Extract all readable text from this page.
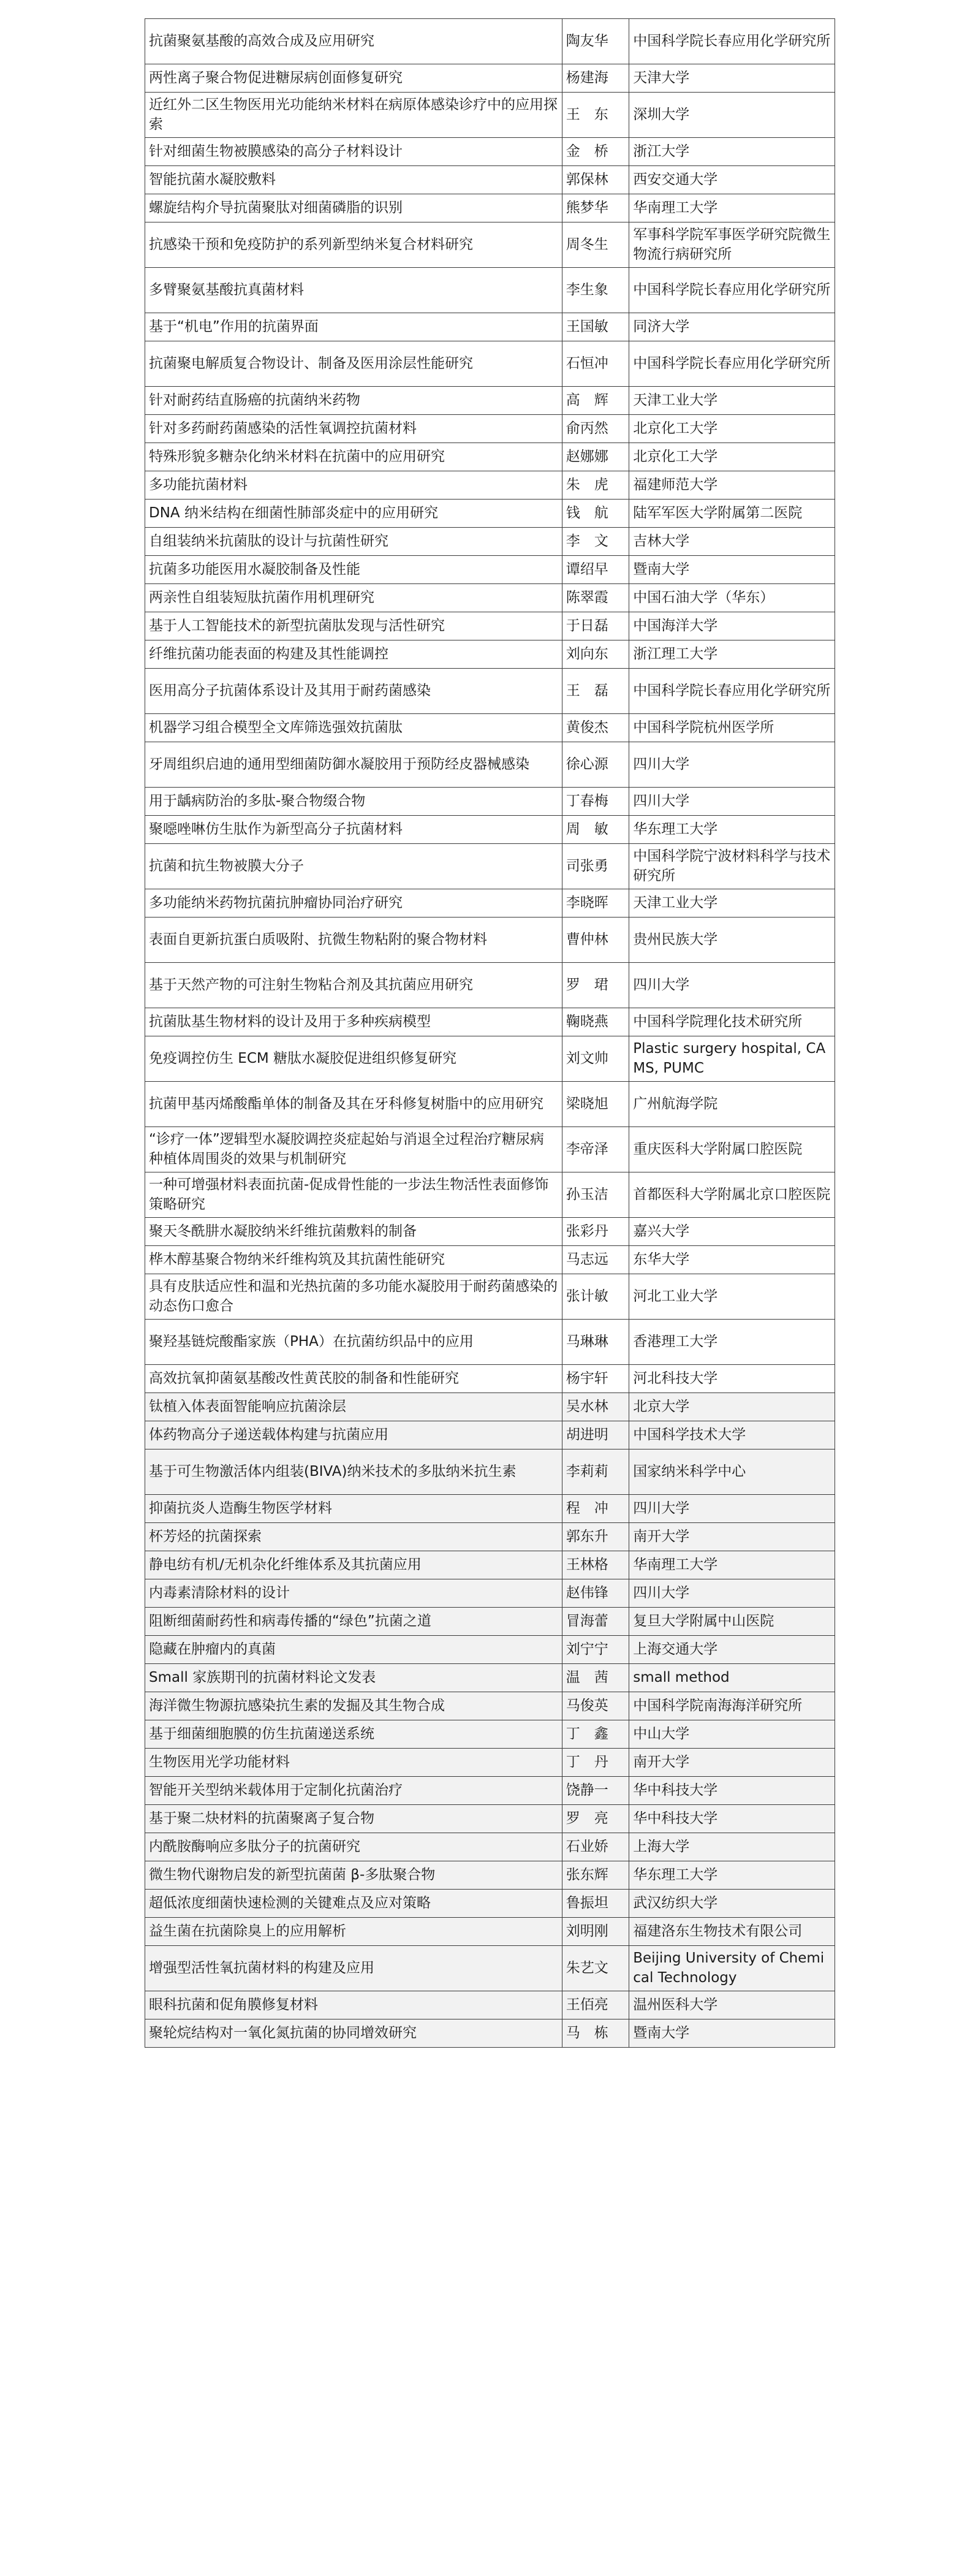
抗菌聚氨基酸的高效合成及应用研究	陶友华	中国科学院长春应用化学研究所
两性离子聚合物促进糖尿病创面修复研究	杨建海	天津大学
近红外二区生物医用光功能纳米材料在病原体感染诊疗中的应用探索	王　东	深圳大学
针对细菌生物被膜感染的高分子材料设计	金　桥	浙江大学
智能抗菌水凝胶敷料	郭保林	西安交通大学
螺旋结构介导抗菌聚肽对细菌磷脂的识别	熊梦华	华南理工大学
抗感染干预和免疫防护的系列新型纳米复合材料研究	周冬生	军事科学院军事医学研究院微生物流行病研究所
多臂聚氨基酸抗真菌材料	李生象	中国科学院长春应用化学研究所
基于“机电”作用的抗菌界面	王国敏	同济大学
抗菌聚电解质复合物设计、制备及医用涂层性能研究	石恒冲	中国科学院长春应用化学研究所
针对耐药结直肠癌的抗菌纳米药物	高　辉	天津工业大学
针对多药耐药菌感染的活性氧调控抗菌材料	俞丙然	北京化工大学
特殊形貌多糖杂化纳米材料在抗菌中的应用研究	赵娜娜	北京化工大学
多功能抗菌材料	朱　虎	福建师范大学
DNA 纳米结构在细菌性肺部炎症中的应用研究	钱　航	陆军军医大学附属第二医院
自组装纳米抗菌肽的设计与抗菌性研究	李　文	吉林大学
抗菌多功能医用水凝胶制备及性能	谭绍早	暨南大学
两亲性自组装短肽抗菌作用机理研究	陈翠霞	中国石油大学（华东）
基于人工智能技术的新型抗菌肽发现与活性研究	于日磊	中国海洋大学
纤维抗菌功能表面的构建及其性能调控	刘向东	浙江理工大学
医用高分子抗菌体系设计及其用于耐药菌感染	王　磊	中国科学院长春应用化学研究所
机器学习组合模型全文库筛选强效抗菌肽	黄俊杰	中国科学院杭州医学所
牙周组织启迪的通用型细菌防御水凝胶用于预防经皮器械感染	徐心源	四川大学
用于龋病防治的多肽-聚合物缀合物	丁春梅	四川大学
聚噁唑啉仿生肽作为新型高分子抗菌材料	周　敏	华东理工大学
抗菌和抗生物被膜大分子	司张勇	中国科学院宁波材料科学与技术研究所
多功能纳米药物抗菌抗肿瘤协同治疗研究	李晓晖	天津工业大学
表面自更新抗蛋白质吸附、抗微生物粘附的聚合物材料	曹仲林	贵州民族大学
基于天然产物的可注射生物粘合剂及其抗菌应用研究	罗　珺	四川大学
抗菌肽基生物材料的设计及用于多种疾病模型	鞠晓燕	中国科学院理化技术研究所
免疫调控仿生 ECM 糖肽水凝胶促进组织修复研究	刘文帅	Plastic surgery hospital, CAMS, PUMC
抗菌甲基丙烯酸酯单体的制备及其在牙科修复树脂中的应用研究	梁晓旭	广州航海学院
“诊疗一体”逻辑型水凝胶调控炎症起始与消退全过程治疗糖尿病种植体周围炎的效果与机制研究	李帝泽	重庆医科大学附属口腔医院
一种可增强材料表面抗菌-促成骨性能的一步法生物活性表面修饰策略研究	孙玉洁	首都医科大学附属北京口腔医院
聚天冬酰肼水凝胶纳米纤维抗菌敷料的制备	张彩丹	嘉兴大学
桦木醇基聚合物纳米纤维构筑及其抗菌性能研究	马志远	东华大学
具有皮肤适应性和温和光热抗菌的多功能水凝胶用于耐药菌感染的动态伤口愈合	张计敏	河北工业大学
聚羟基链烷酸酯家族（PHA）在抗菌纺织品中的应用	马琳琳	香港理工大学
高效抗氧抑菌氨基酸改性黄芪胶的制备和性能研究	杨宇轩	河北科技大学
钛植入体表面智能响应抗菌涂层	吴水林	北京大学
体药物高分子递送载体构建与抗菌应用	胡进明	中国科学技术大学
基于可生物激活体内组装(BIVA)纳米技术的多肽纳米抗生素	李莉莉	国家纳米科学中心
抑菌抗炎人造酶生物医学材料	程　冲	四川大学
杯芳烃的抗菌探索	郭东升	南开大学
静电纺有机/无机杂化纤维体系及其抗菌应用	王林格	华南理工大学
内毒素清除材料的设计	赵伟锋	四川大学
阻断细菌耐药性和病毒传播的“绿色”抗菌之道	冒海蕾	复旦大学附属中山医院
隐藏在肿瘤内的真菌	刘宁宁	上海交通大学
Small 家族期刊的抗菌材料论文发表	温　茜	small method
海洋微生物源抗感染抗生素的发掘及其生物合成	马俊英	中国科学院南海海洋研究所
基于细菌细胞膜的仿生抗菌递送系统	丁　鑫	中山大学
生物医用光学功能材料	丁　丹	南开大学
智能开关型纳米载体用于定制化抗菌治疗	饶静一	华中科技大学
基于聚二炔材料的抗菌聚离子复合物	罗　亮	华中科技大学
内酰胺酶响应多肽分子的抗菌研究	石业娇	上海大学
微生物代谢物启发的新型抗菌菌 β-多肽聚合物	张东辉	华东理工大学
超低浓度细菌快速检测的关键难点及应对策略	鲁振坦	武汉纺织大学
益生菌在抗菌除臭上的应用解析	刘明刚	福建洛东生物技术有限公司
增强型活性氧抗菌材料的构建及应用	朱艺文	Beijing University of Chemical Technology
眼科抗菌和促角膜修复材料	王佰亮	温州医科大学
聚轮烷结构对一氧化氮抗菌的协同增效研究	马　栋	暨南大学
